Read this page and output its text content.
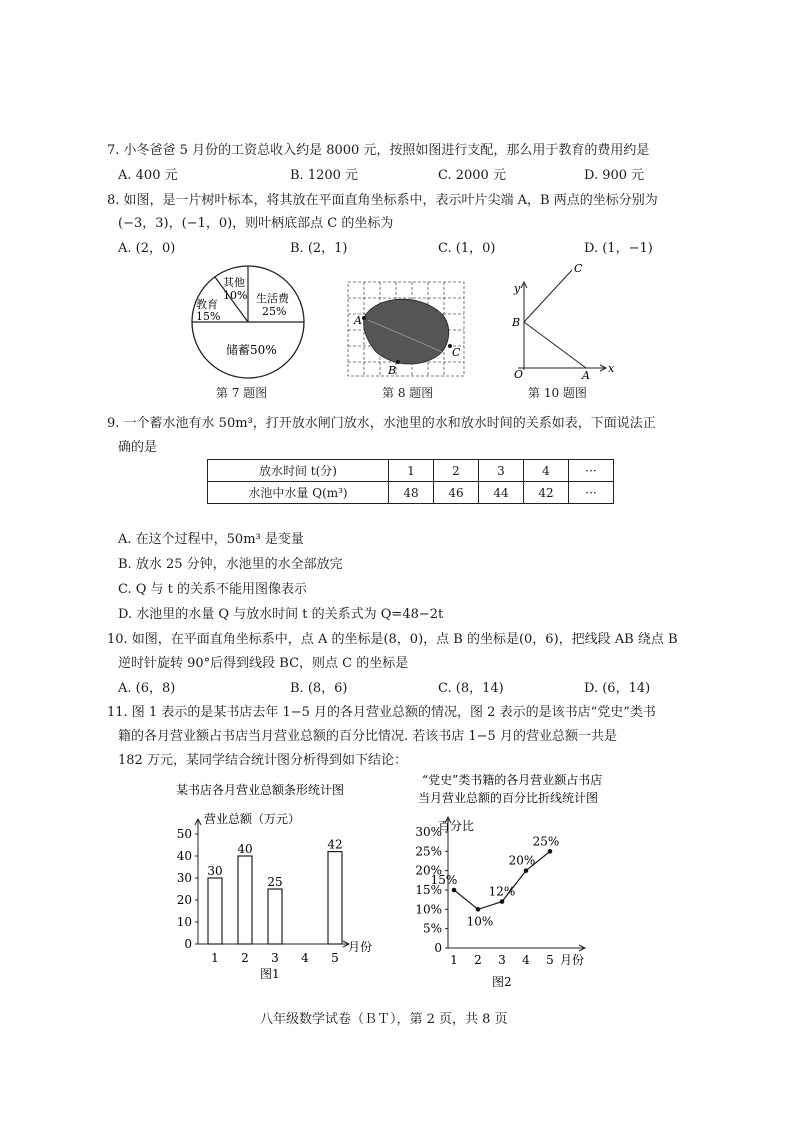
7. 小冬爸爸 5 月份的工资总收入约是 8000 元，按照如图进行支配，那么用于教育的费用约是
A. 400 元	B. 1200 元	C. 2000 元	D. 900 元
8. 如图，是一片树叶标本，将其放在平面直角坐标系中，表示叶片尖端 A，B 两点的坐标分别为
(−3，3)，(−1，0)，则叶柄底部点 C 的坐标为
A. (2，0)	B. (2，1)	C. (1，0)	D. (1，−1)
其他
10%
教育
15%
生活费
25%
储蓄50%
第 7 题图
A
B
C
第 8 题图
y
x
O	A
B
C
第 10 题图
9. 一个蓄水池有水 50m³，打开放水闸门放水，水池里的水和放水时间的关系如表，下面说法正
确的是
放水时间 t(分)	1	2	3	4	···
水池中水量 Q(m³)	48	46	44	42	···
A. 在这个过程中，50m³ 是变量
B. 放水 25 分钟，水池里的水全部放完
C. Q 与 t 的关系不能用图像表示
D. 水池里的水量 Q 与放水时间 t 的关系式为 Q=48−2t
10. 如图，在平面直角坐标系中，点 A 的坐标是(8，0)，点 B 的坐标是(0，6)，把线段 AB 绕点 B
逆时针旋转 90°后得到线段 BC，则点 C 的坐标是
A. (6，8)	B. (8，6)	C. (8，14)	D. (6，14)
11. 图 1 表示的是某书店去年 1−5 月的各月营业总额的情况，图 2 表示的是该书店“党史”类书
籍的各月营业额占书店当月营业总额的百分比情况. 若该书店 1−5 月的营业总额一共是
182 万元，某同学结合统计图分析得到如下结论：
某书店各月营业总额条形统计图
营业总额（万元）
月份
图1
0
10
20
30
40
50
1
30
2
40
3
25
4 5
42
“党史”类书籍的各月营业额占书店
当月营业总额的百分比折线统计图
百分比
月份
图2
0
5%
10%
15%
20%
25%
30%
1 2 3 4 5
15%
10%
12%
20%
25%
八年级数学试卷（ＢＴ），第 2 页，共 8 页
